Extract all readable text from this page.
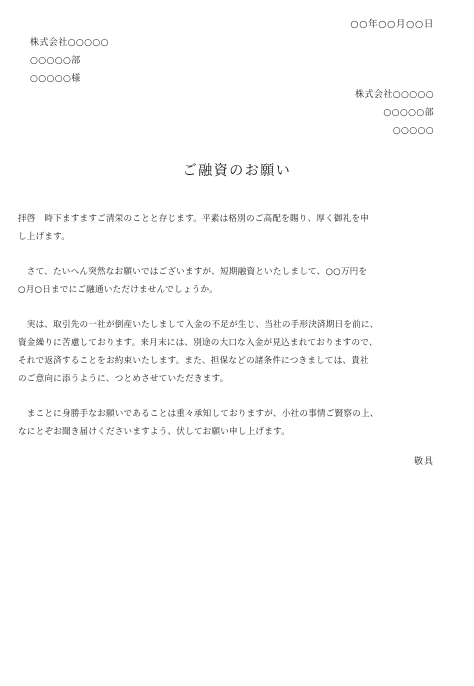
○○年○○月○○日
株式会社○○○○○
○○○○○部
○○○○○様
株式会社○○○○○
○○○○○部
○○○○○
ご融資のお願い
拝啓　時下ますますご清栄のことと存じます。平素は格別のご高配を賜り、厚く御礼を申
し上げます。
　さて、たいへん突然なお願いではございますが、短期融資といたしまして、○○万円を
○月○日までにご融通いただけませんでしょうか。
　実は、取引先の一社が倒産いたしまして入金の不足が生じ、当社の手形決済期日を前に、
資金繰りに苦慮しております。来月末には、別途の大口な入金が見込まれておりますので、
それで返済することをお約束いたします。また、担保などの諸条件につきましては、貴社
のご意向に添うように、つとめさせていただきます。
　まことに身勝手なお願いであることは重々承知しておりますが、小社の事情ご賢察の上、
なにとぞお聞き届けくださいますよう、伏してお願い申し上げます。
敬具
